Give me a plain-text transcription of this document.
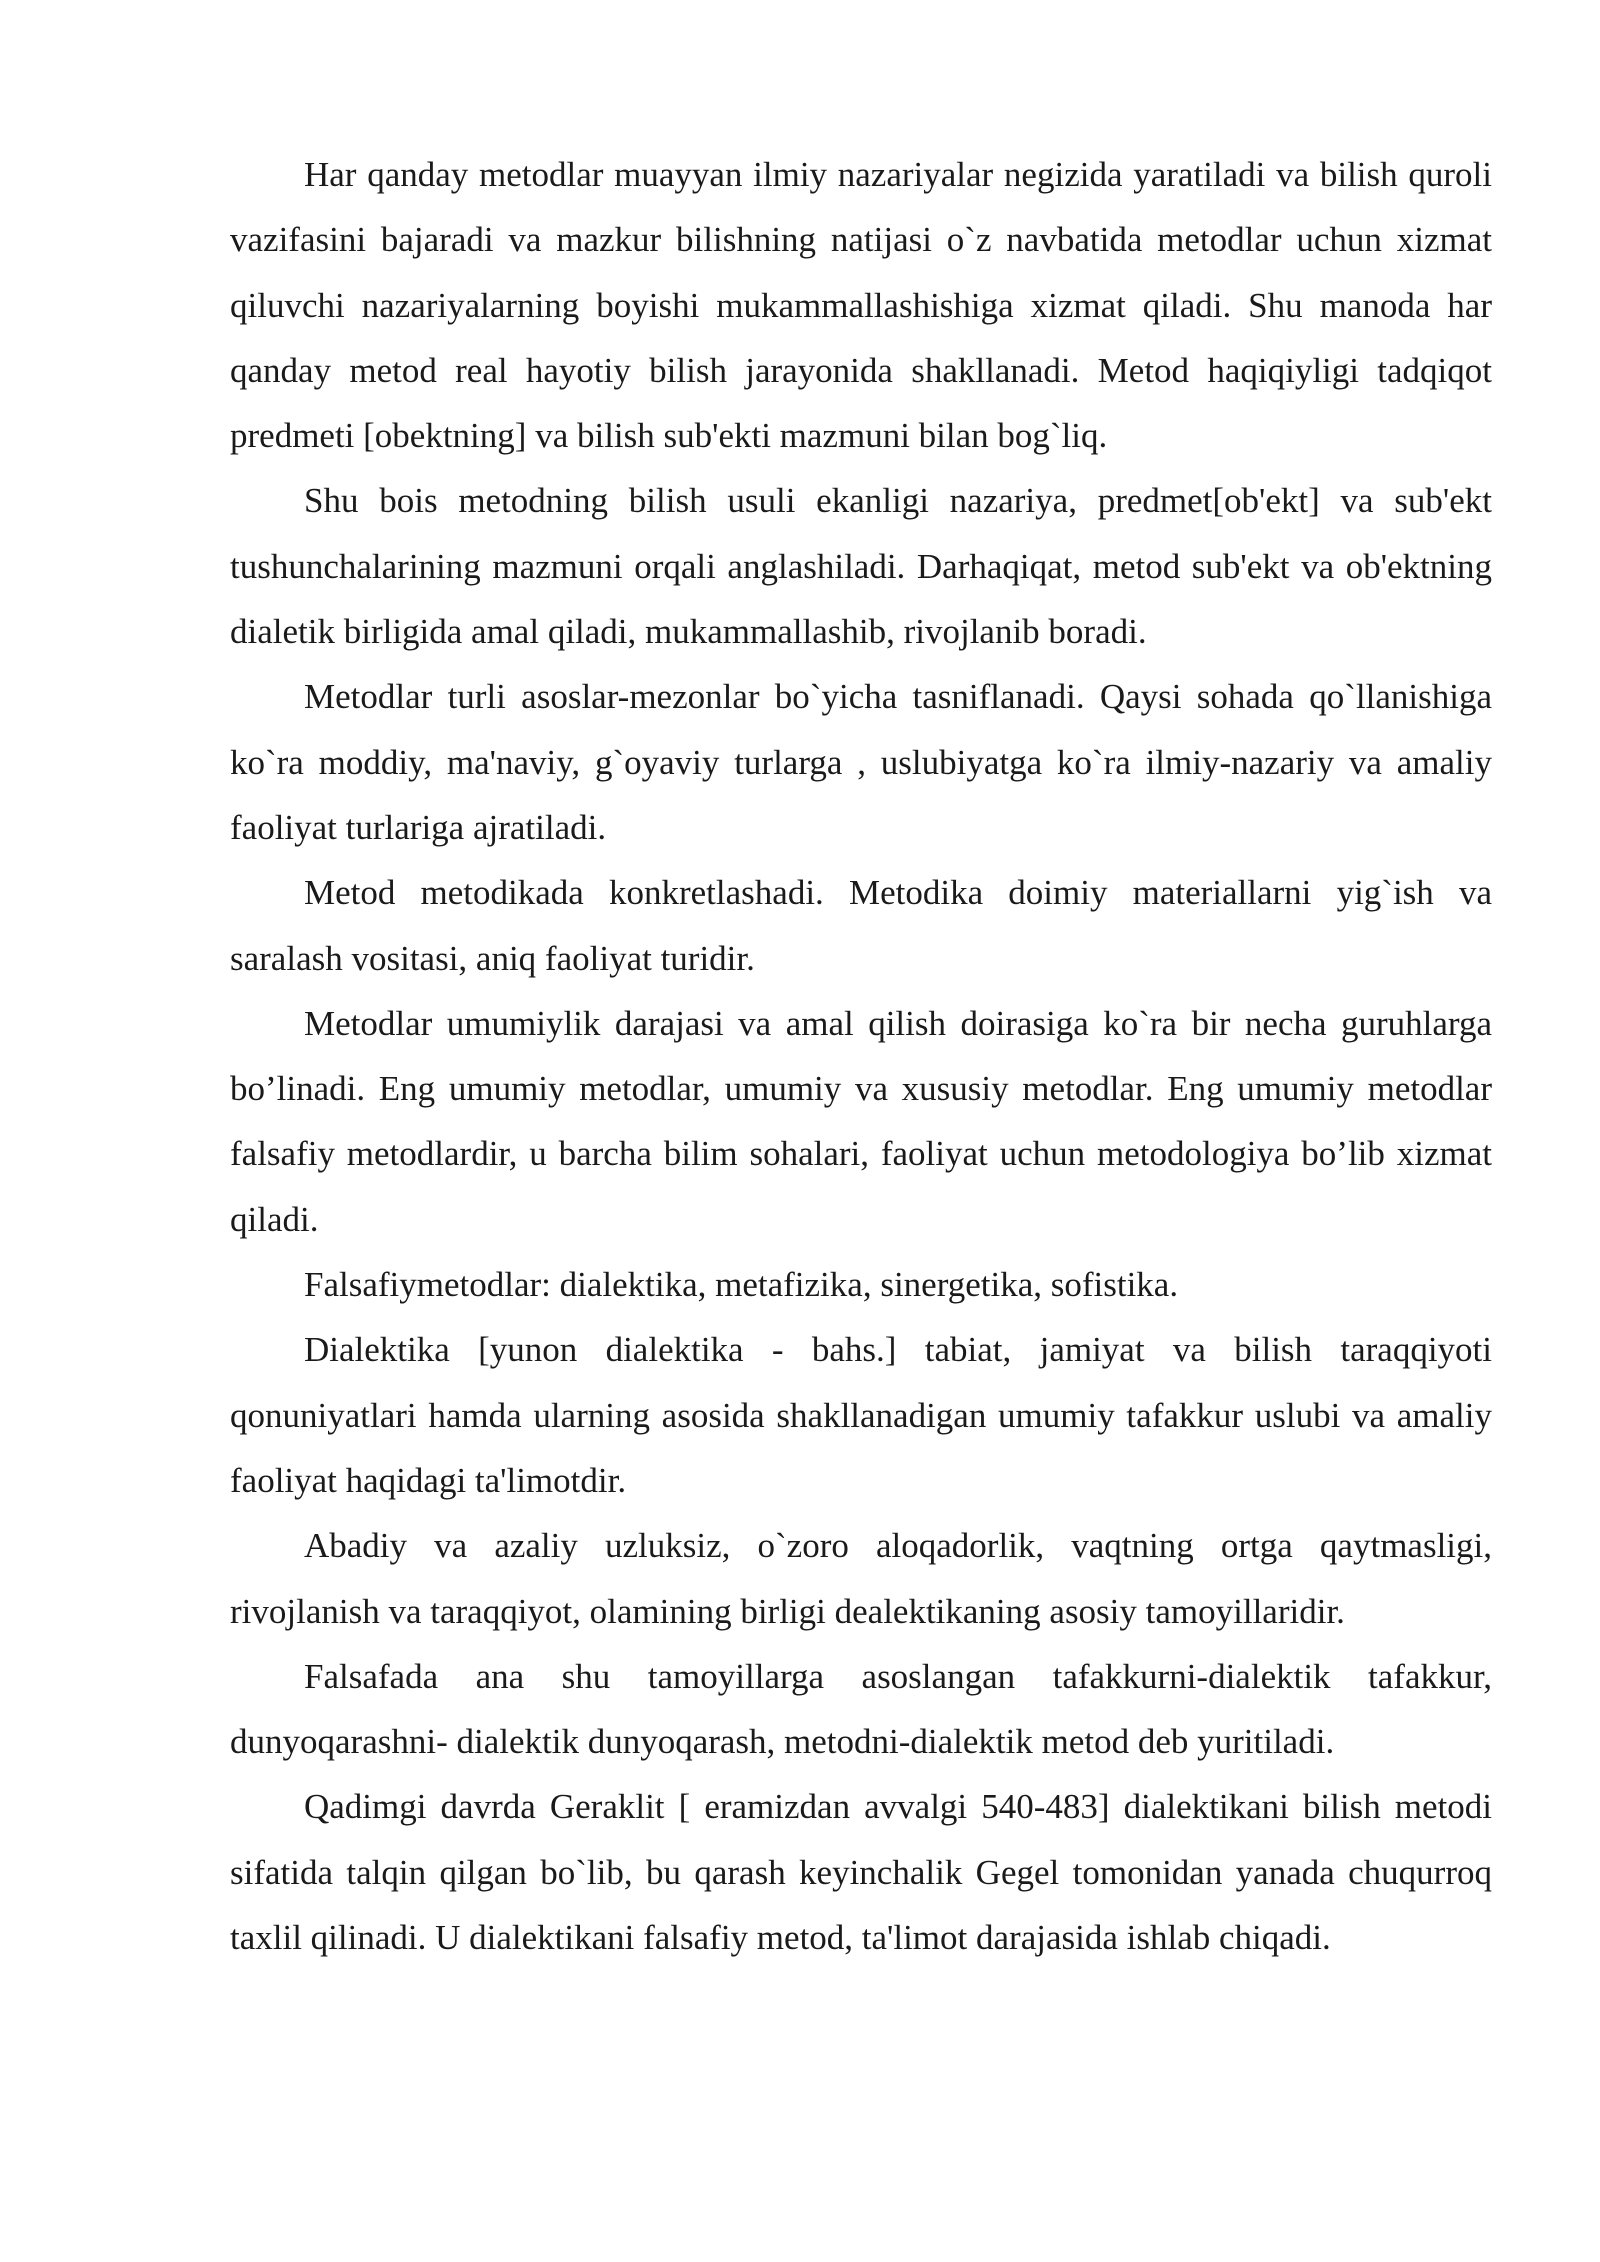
Har qanday metodlar muayyan ilmiy nazariyalar negizida yaratiladi va bilish quroli vazifasini bajaradi va mazkur bilishning natijasi o`z navbatida metodlar uchun xizmat qiluvchi nazariyalarning boyishi mukammallashishiga xizmat qiladi. Shu manoda har qanday metod real hayotiy bilish jarayonida shakllanadi. Metod haqiqiyligi tadqiqot predmeti [obektning] va bilish sub'ekti mazmuni bilan bog`liq.

Shu bois metodning bilish usuli ekanligi nazariya, predmet[ob'ekt] va sub'ekt tushunchalarining mazmuni orqali anglashiladi. Darhaqiqat, metod sub'ekt va ob'ektning dialetik birligida amal qiladi, mukammallashib, rivojlanib boradi.

Metodlar turli asoslar-mezonlar bo`yicha tasniflanadi. Qaysi sohada qo`llanishiga ko`ra moddiy, ma'naviy, g`oyaviy turlarga , uslubiyatga ko`ra ilmiy-nazariy va amaliy faoliyat turlariga ajratiladi.

Metod metodikada konkretlashadi. Metodika doimiy materiallarni yig`ish va saralash vositasi, aniq faoliyat turidir.

Metodlar umumiylik darajasi va amal qilish doirasiga ko`ra bir necha guruhlarga bo’linadi. Eng umumiy metodlar, umumiy va xususiy metodlar. Eng umumiy metodlar falsafiy metodlardir, u barcha bilim sohalari, faoliyat uchun metodologiya bo’lib xizmat qiladi.

Falsafiymetodlar: dialektika, metafizika, sinergetika, sofistika.

Dialektika [yunon dialektika - bahs.] tabiat, jamiyat va bilish taraqqiyoti qonuniyatlari hamda ularning asosida shakllanadigan umumiy tafakkur uslubi va amaliy faoliyat haqidagi ta'limotdir.

Abadiy va azaliy uzluksiz, o`zoro aloqadorlik, vaqtning ortga qaytmasligi, rivojlanish va taraqqiyot, olamining birligi dealektikaning asosiy tamoyillaridir.

Falsafada ana shu tamoyillarga asoslangan tafakkurni-dialektik tafakkur, dunyoqarashni- dialektik dunyoqarash, metodni-dialektik metod deb yuritiladi.

Qadimgi davrda Geraklit [ eramizdan avvalgi 540-483] dialektikani bilish metodi sifatida talqin qilgan bo`lib, bu qarash keyinchalik Gegel tomonidan yanada chuqurroq taxlil qilinadi. U dialektikani falsafiy metod, ta'limot darajasida ishlab chiqadi.
